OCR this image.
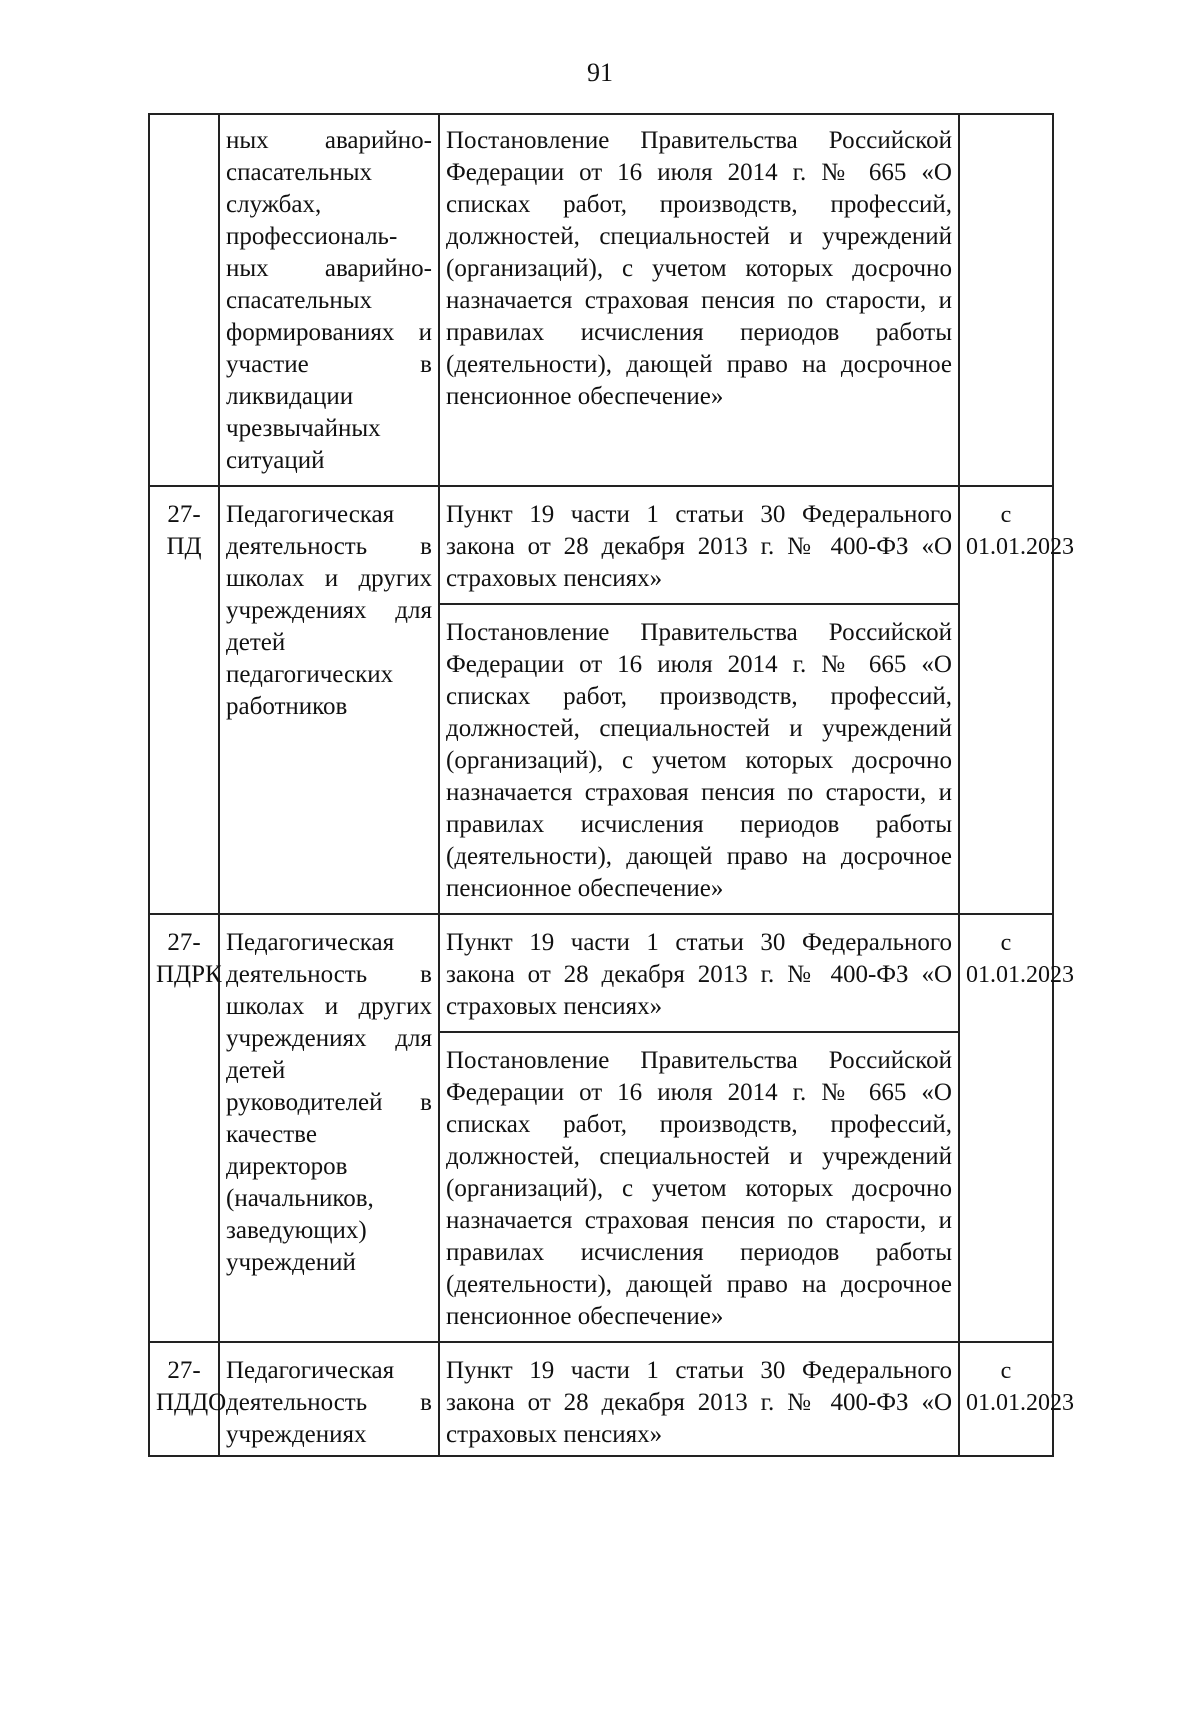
91
	ных аварийно-спасательных службах, профессиональ-ных аварийно-спасательных формированиях и участие в ликвидации чрезвычайных ситуаций	Постановление Правительства Российской Федерации от 16 июля 2014 г. № 665 «О списках работ, производств, профессий, должностей, специальностей и учреждений (организаций), с учетом которых досрочно назначается страховая пенсия по старости, и правилах исчисления периодов работы (деятельности), дающей право на досрочное пенсионное обеспечение»	
27-ПД	Педагогическая деятельность в школах и других учреждениях для детей педагогических работников	Пункт 19 части 1 статьи 30 Федерального закона от 28 декабря 2013 г. № 400-ФЗ «О страховых пенсиях»	с 01.01.2023
		Постановление Правительства Российской Федерации от 16 июля 2014 г. № 665 «О списках работ, производств, профессий, должностей, специальностей и учреждений (организаций), с учетом которых досрочно назначается страховая пенсия по старости, и правилах исчисления периодов работы (деятельности), дающей право на досрочное пенсионное обеспечение»	
27-ПДРК	Педагогическая деятельность в школах и других учреждениях для детей руководителей в качестве директоров (начальников, заведующих) учреждений	Пункт 19 части 1 статьи 30 Федерального закона от 28 декабря 2013 г. № 400-ФЗ «О страховых пенсиях»	с 01.01.2023
		Постановление Правительства Российской Федерации от 16 июля 2014 г. № 665 «О списках работ, производств, профессий, должностей, специальностей и учреждений (организаций), с учетом которых досрочно назначается страховая пенсия по старости, и правилах исчисления периодов работы (деятельности), дающей право на досрочное пенсионное обеспечение»	
27-ПДДО	Педагогическая деятельность в учреждениях	Пункт 19 части 1 статьи 30 Федерального закона от 28 декабря 2013 г. № 400-ФЗ «О страховых пенсиях»	с 01.01.2023
